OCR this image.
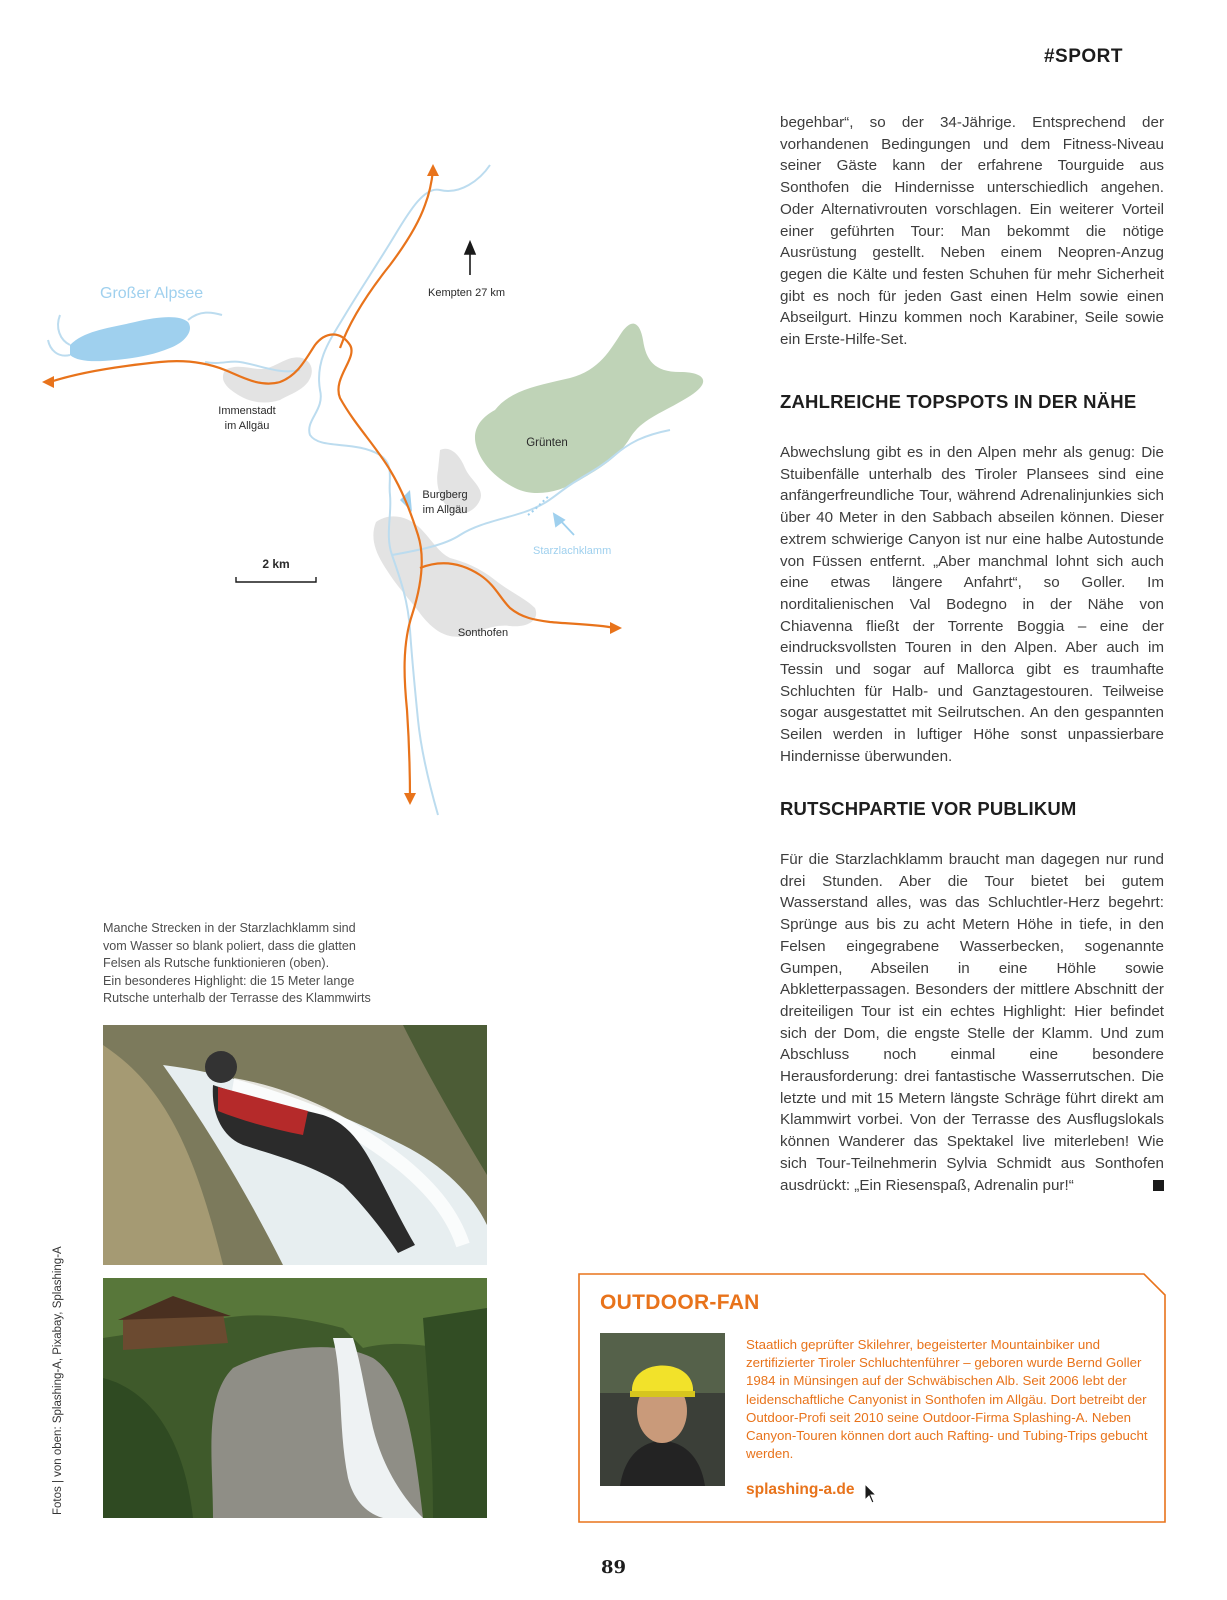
#SPORT
begehbar“, so der 34-Jährige. Entsprechend der vorhandenen Bedingungen und dem Fitness-Niveau seiner Gäste kann der erfahrene Tourguide aus Sonthofen die Hindernisse unterschiedlich angehen. Oder Alternativrouten vorschlagen. Ein weiterer Vorteil einer geführten Tour: Man bekommt die nötige Ausrüstung gestellt. Neben einem Neopren-Anzug gegen die Kälte und festen Schuhen für mehr Sicherheit gibt es noch für jeden Gast einen Helm sowie einen Abseilgurt. Hinzu kommen noch Karabiner, Seile sowie ein Erste-Hilfe-Set.
ZAHLREICHE TOPSPOTS IN DER NÄHE
Abwechslung gibt es in den Alpen mehr als genug: Die Stuibenfälle unterhalb des Tiroler Plansees sind eine anfängerfreundliche Tour, während Adrenalinjunkies sich über 40 Meter in den Sabbach abseilen können. Dieser extrem schwierige Canyon ist nur eine halbe Autostunde von Füssen entfernt. „Aber manchmal lohnt sich auch eine etwas längere Anfahrt“, so Goller. Im norditalienischen Val Bodegno in der Nähe von Chiavenna fließt der Torrente Boggia – eine der eindrucksvollsten Touren in den Alpen. Aber auch im Tessin und sogar auf Mallorca gibt es traumhafte Schluchten für Halb- und Ganztagestouren. Teilweise sogar ausgestattet mit Seilrutschen. An den gespannten Seilen werden in luftiger Höhe sonst unpassierbare Hindernisse überwunden.
RUTSCHPARTIE VOR PUBLIKUM
Für die Starzlachklamm braucht man dagegen nur rund drei Stunden. Aber die Tour bietet bei gutem Wasserstand alles, was das Schluchtler-Herz begehrt: Sprünge aus bis zu acht Metern Höhe in tiefe, in den Felsen eingegrabene Wasserbecken, sogenannte Gumpen, Abseilen in eine Höhle sowie Abkletterpassagen. Besonders der mittlere Abschnitt der dreiteiligen Tour ist ein echtes Highlight: Hier befindet sich der Dom, die engste Stelle der Klamm. Und zum Abschluss noch einmal eine besondere Herausforderung: drei fantastische Wasserrutschen. Die letzte und mit 15 Metern längste Schräge führt direkt am Klammwirt vorbei. Von der Terrasse des Ausflugslokals können Wanderer das Spektakel live miterleben! Wie sich Tour-Teilnehmerin Sylvia Schmidt aus Sonthofen ausdrückt: „Ein Riesenspaß, Adrenalin pur!“
Großer Alpsee	Kempten 27 km
Immenstadt
im Allgäu
Grünten
Burgberg
im Allgäu
Starzlachklamm
2 km
Sonthofen
Manche Strecken in der Starzlachklamm sind
vom Wasser so blank poliert, dass die glatten
Felsen als Rutsche funktionieren (oben).
Ein besonderes Highlight: die 15 Meter lange
Rutsche unterhalb der Terrasse des Klammwirts
Fotos | von oben: Splashing-A, Pixabay, Splashing-A	OUTDOOR-FAN
Staatlich geprüfter Skilehrer, begeisterter Mountainbiker und zertifizierter Tiroler Schluchtenführer – geboren wurde Bernd Goller 1984 in Münsingen auf der Schwäbischen Alb. Seit 2006 lebt der leidenschaftliche Canyonist in Sonthofen im Allgäu. Dort betreibt der Outdoor-Profi seit 2010 seine Outdoor-Firma Splashing-A. Neben Canyon-Touren können dort auch Rafting- und Tubing-Trips gebucht werden.
splashing-a.de
89
